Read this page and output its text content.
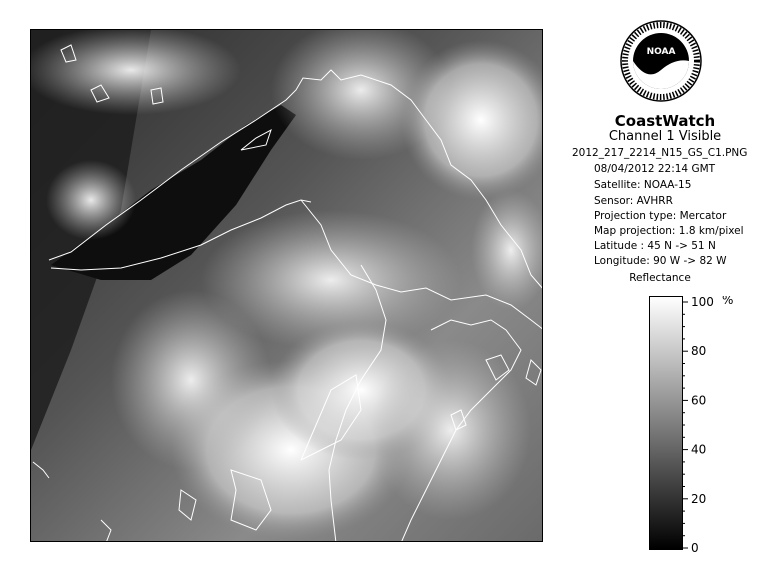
NOAA
CoastWatch
Channel 1 Visible
2012_217_2214_N15_GS_C1.PNG
08/04/2012 22:14 GMT
Satellite: NOAA-15
Sensor: AVHRR
Projection type: Mercator
Map projection: 1.8 km/pixel
Latitude : 45 N -> 51 N
Longitude: 90 W -> 82 W
Reflectance
0
20
40
60
80
100 %
